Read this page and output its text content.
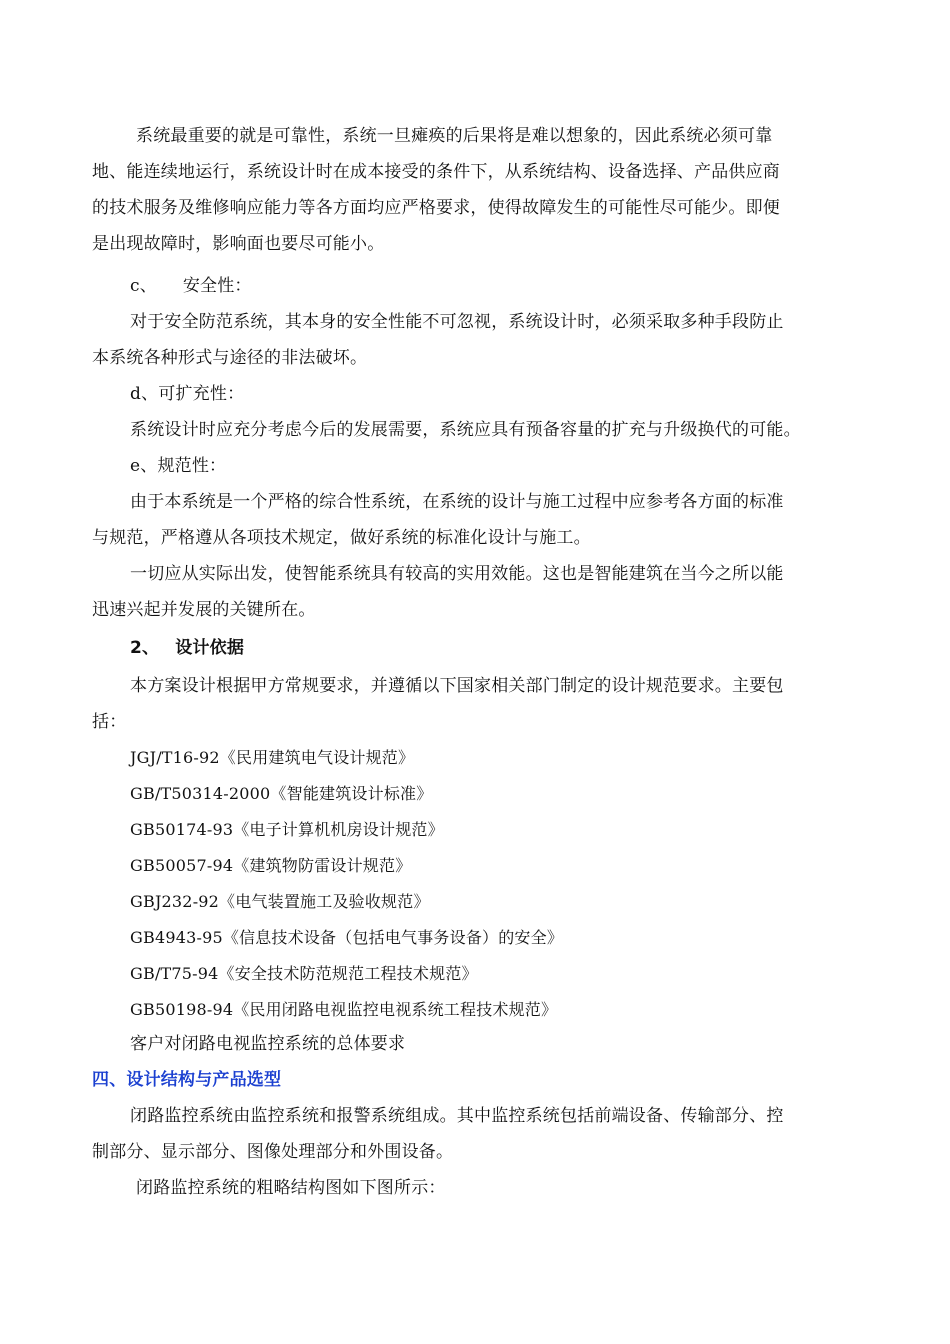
系统最重要的就是可靠性，系统一旦瘫痪的后果将是难以想象的，因此系统必须可靠

地、能连续地运行，系统设计时在成本接受的条件下，从系统结构、设备选择、产品供应商

的技术服务及维修响应能力等各方面均应严格要求，使得故障发生的可能性尽可能少。即便

是出现故障时，影响面也要尽可能小。

c、　　安全性：

对于安全防范系统，其本身的安全性能不可忽视，系统设计时，必须采取多种手段防止

本系统各种形式与途径的非法破坏。

d、可扩充性：

系统设计时应充分考虑今后的发展需要，系统应具有预备容量的扩充与升级换代的可能。

e、规范性：

由于本系统是一个严格的综合性系统，在系统的设计与施工过程中应参考各方面的标准

与规范，严格遵从各项技术规定，做好系统的标准化设计与施工。

一切应从实际出发，使智能系统具有较高的实用效能。这也是智能建筑在当今之所以能

迅速兴起并发展的关键所在。

2、 设计依据

本方案设计根据甲方常规要求，并遵循以下国家相关部门制定的设计规范要求。主要包

括：

JGJ/T16-92《民用建筑电气设计规范》

GB/T50314-2000《智能建筑设计标准》

GB50174-93《电子计算机机房设计规范》

GB50057-94《建筑物防雷设计规范》

GBJ232-92《电气装置施工及验收规范》

GB4943-95《信息技术设备（包括电气事务设备）的安全》

GB/T75-94《安全技术防范规范工程技术规范》

GB50198-94《民用闭路电视监控电视系统工程技术规范》

客户对闭路电视监控系统的总体要求

四、设计结构与产品选型

闭路监控系统由监控系统和报警系统组成。其中监控系统包括前端设备、传输部分、控

制部分、显示部分、图像处理部分和外围设备。

闭路监控系统的粗略结构图如下图所示：
